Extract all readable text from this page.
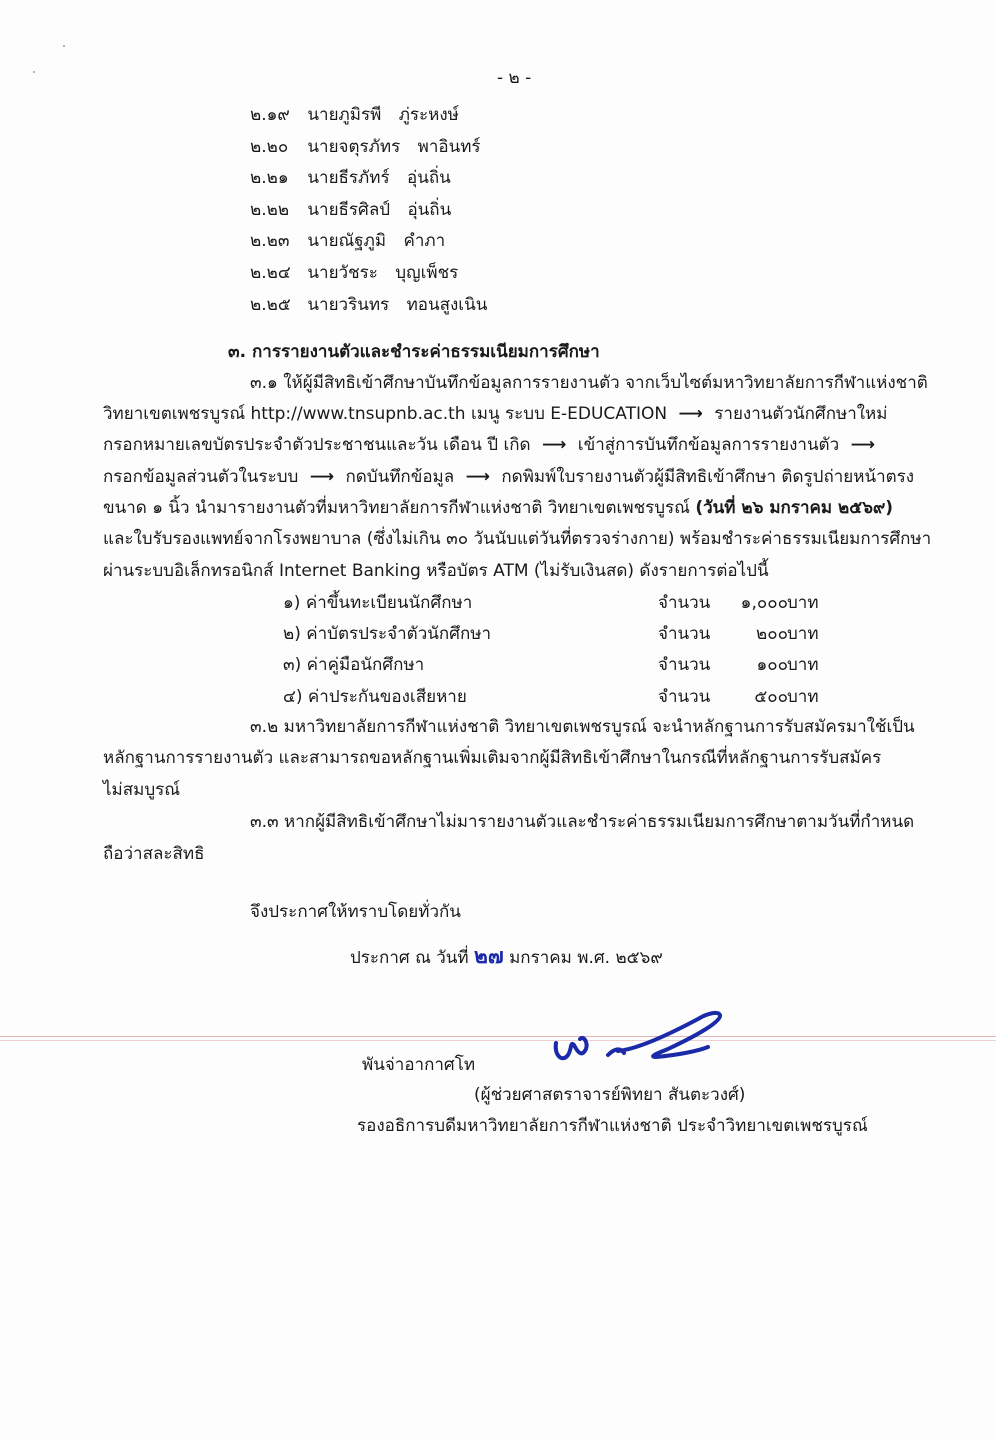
- ๒ -
๒.๑๙ นายภูมิรพี ภู่ระหงษ์
๒.๒๐ นายจตุรภัทร พาอินทร์
๒.๒๑ นายธีรภัทร์ อุ่นถิ่น
๒.๒๒ นายธีรศิลป์ อุ่นถิ่น
๒.๒๓ นายณัฐภูมิ คำภา
๒.๒๔ นายวัชระ บุญเพ็ชร
๒.๒๕ นายวรินทร ทอนสูงเนิน
๓. การรายงานตัวและชำระค่าธรรมเนียมการศึกษา
๓.๑ ให้ผู้มีสิทธิเข้าศึกษาบันทึกข้อมูลการรายงานตัว จากเว็บไซต์มหาวิทยาลัยการกีฬาแห่งชาติ
วิทยาเขตเพชรบูรณ์ http://www.tnsupnb.ac.th เมนู ระบบ E-EDUCATION ⟶ รายงานตัวนักศึกษาใหม่
กรอกหมายเลขบัตรประจำตัวประชาชนและวัน เดือน ปี เกิด ⟶ เข้าสู่การบันทึกข้อมูลการรายงานตัว ⟶
กรอกข้อมูลส่วนตัวในระบบ ⟶ กดบันทึกข้อมูล ⟶ กดพิมพ์ใบรายงานตัวผู้มีสิทธิเข้าศึกษา ติดรูปถ่ายหน้าตรง
ขนาด ๑ นิ้ว นำมารายงานตัวที่มหาวิทยาลัยการกีฬาแห่งชาติ วิทยาเขตเพชรบูรณ์ (วันที่ ๒๖ มกราคม ๒๕๖๙)
และใบรับรองแพทย์จากโรงพยาบาล (ซึ่งไม่เกิน ๓๐ วันนับแต่วันที่ตรวจร่างกาย) พร้อมชำระค่าธรรมเนียมการศึกษา
ผ่านระบบอิเล็กทรอนิกส์ Internet Banking หรือบัตร ATM (ไม่รับเงินสด) ดังรายการต่อไปนี้
๑) ค่าขึ้นทะเบียนนักศึกษา	จำนวน ๑,๐๐๐ บาท
๒) ค่าบัตรประจำตัวนักศึกษา	จำนวน	๒๐๐ บาท
๓) ค่าคู่มือนักศึกษา	จำนวน	๑๐๐ บาท
๔) ค่าประกันของเสียหาย	จำนวน	๕๐๐ บาท
๓.๒ มหาวิทยาลัยการกีฬาแห่งชาติ วิทยาเขตเพชรบูรณ์ จะนำหลักฐานการรับสมัครมาใช้เป็น
หลักฐานการรายงานตัว และสามารถขอหลักฐานเพิ่มเติมจากผู้มีสิทธิเข้าศึกษาในกรณีที่หลักฐานการรับสมัคร
ไม่สมบูรณ์
๓.๓ หากผู้มีสิทธิเข้าศึกษาไม่มารายงานตัวและชำระค่าธรรมเนียมการศึกษาตามวันที่กำหนด
ถือว่าสละสิทธิ
จึงประกาศให้ทราบโดยทั่วกัน
ประกาศ ณ วันที่ ๒๗ มกราคม พ.ศ. ๒๕๖๙
พันจ่าอากาศโท
(ผู้ช่วยศาสตราจารย์พิทยา สันตะวงศ์)
รองอธิการบดีมหาวิทยาลัยการกีฬาแห่งชาติ ประจำวิทยาเขตเพชรบูรณ์
